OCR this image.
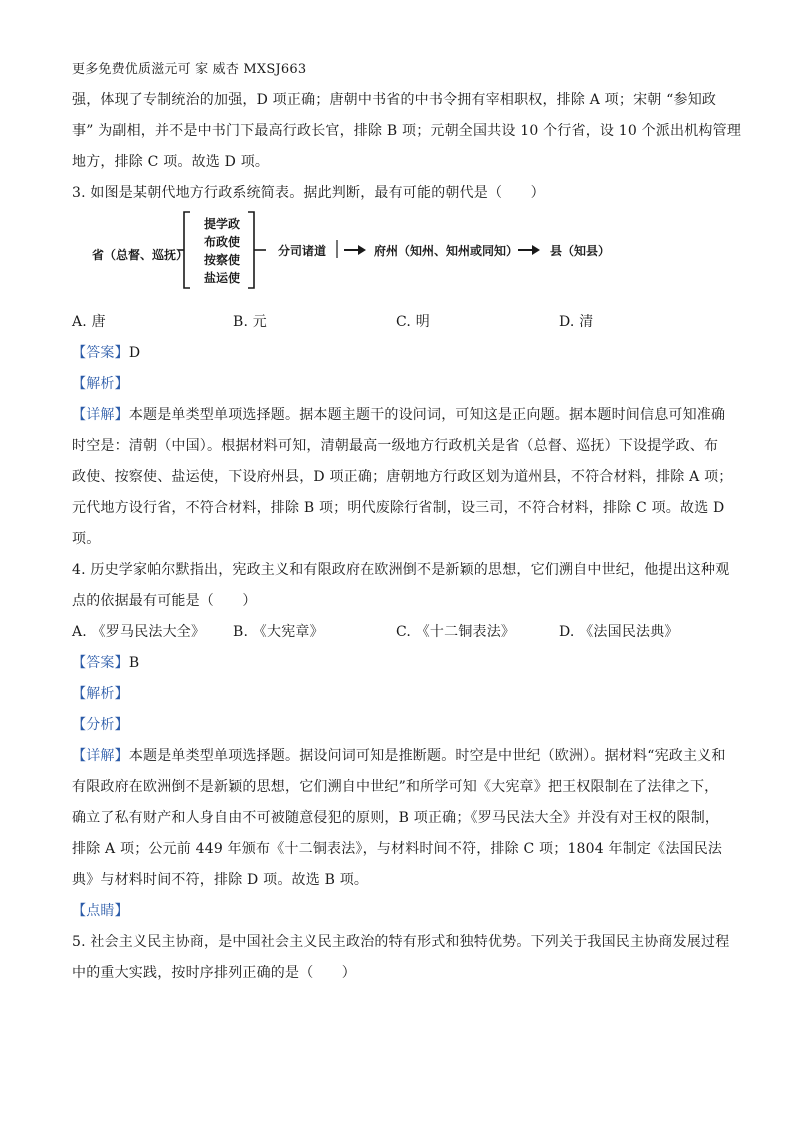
更多免费优质滋元可 家 威杏 MXSJ663
强，体现了专制统治的加强，D 项正确；唐朝中书省的中书令拥有宰相职权，排除 A 项；宋朝 “参知政
事” 为副相，并不是中书门下最高行政长官，排除 B 项；元朝全国共设 10 个行省，设 10 个派出机构管理
地方，排除 C 项。故选 D 项。
3. 如图是某朝代地方行政系统简表。据此判断，最有可能的朝代是（　　）
省（总督、巡抚）
提学政
布政使
按察使
盐运使
分司诸道	府州（知州、知州或同知）	县（知县）
A. 唐	B. 元	C. 明	D. 清
【答案】D
【解析】
【详解】本题是单类型单项选择题。据本题主题干的设问词，可知这是正向题。据本题时间信息可知准确
时空是：清朝（中国）。根据材料可知，清朝最高一级地方行政机关是省（总督、巡抚）下设提学政、布
政使、按察使、盐运使，下设府州县，D 项正确；唐朝地方行政区划为道州县，不符合材料，排除 A 项；
元代地方设行省，不符合材料，排除 B 项；明代废除行省制，设三司，不符合材料，排除 C 项。故选 D
项。
4. 历史学家帕尔默指出，宪政主义和有限政府在欧洲倒不是新颖的思想，它们溯自中世纪，他提出这种观
点的依据最有可能是（　　）
A. 《罗马民法大全》	B. 《大宪章》	C. 《十二铜表法》	D. 《法国民法典》
【答案】B
【解析】
【分析】
【详解】本题是单类型单项选择题。据设问词可知是推断题。时空是中世纪（欧洲）。据材料“宪政主义和
有限政府在欧洲倒不是新颖的思想，它们溯自中世纪”和所学可知《大宪章》把王权限制在了法律之下，
确立了私有财产和人身自由不可被随意侵犯的原则，B 项正确；《罗马民法大全》并没有对王权的限制，
排除 A 项；公元前 449 年颁布《十二铜表法》，与材料时间不符，排除 C 项；1804 年制定《法国民法
典》与材料时间不符，排除 D 项。故选 B 项。
【点睛】
5. 社会主义民主协商，是中国社会主义民主政治的特有形式和独特优势。下列关于我国民主协商发展过程
中的重大实践，按时序排列正确的是（　　）
